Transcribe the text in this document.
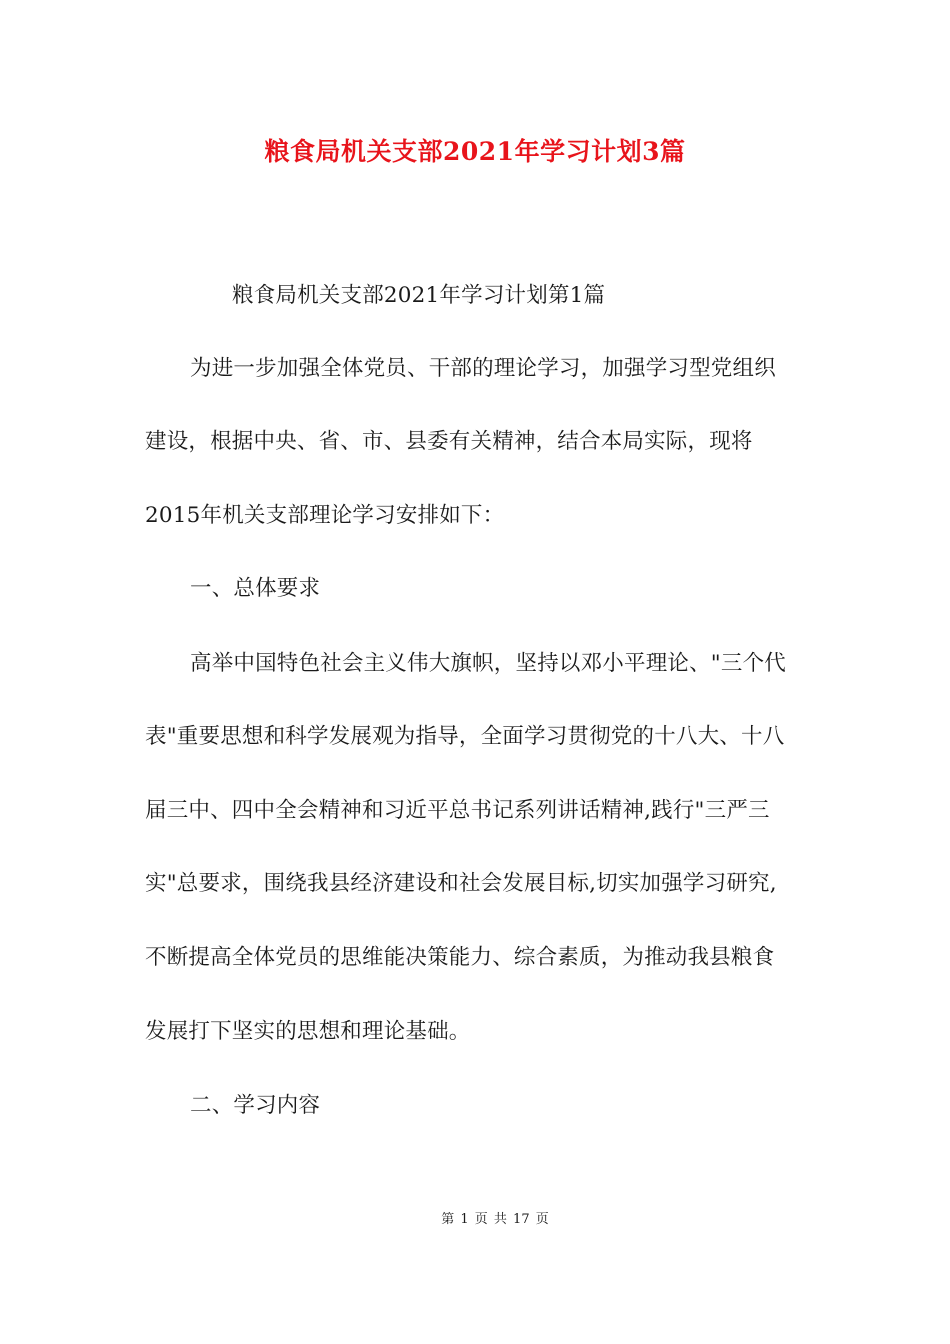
粮食局机关支部2021年学习计划3篇
粮食局机关支部2021年学习计划第1篇
为进一步加强全体党员、干部的理论学习，加强学习型党组织
建设，根据中央、省、市、县委有关精神，结合本局实际，现将
2015年机关支部理论学习安排如下：
一、总体要求
高举中国特色社会主义伟大旗帜，坚持以邓小平理论、"三个代
表"重要思想和科学发展观为指导，全面学习贯彻党的十八大、十八
届三中、四中全会精神和习近平总书记系列讲话精神,践行"三严三
实"总要求，围绕我县经济建设和社会发展目标,切实加强学习研究,
不断提高全体党员的思维能决策能力、综合素质，为推动我县粮食
发展打下坚实的思想和理论基础。
二、学习内容
第 1 页 共 17 页
